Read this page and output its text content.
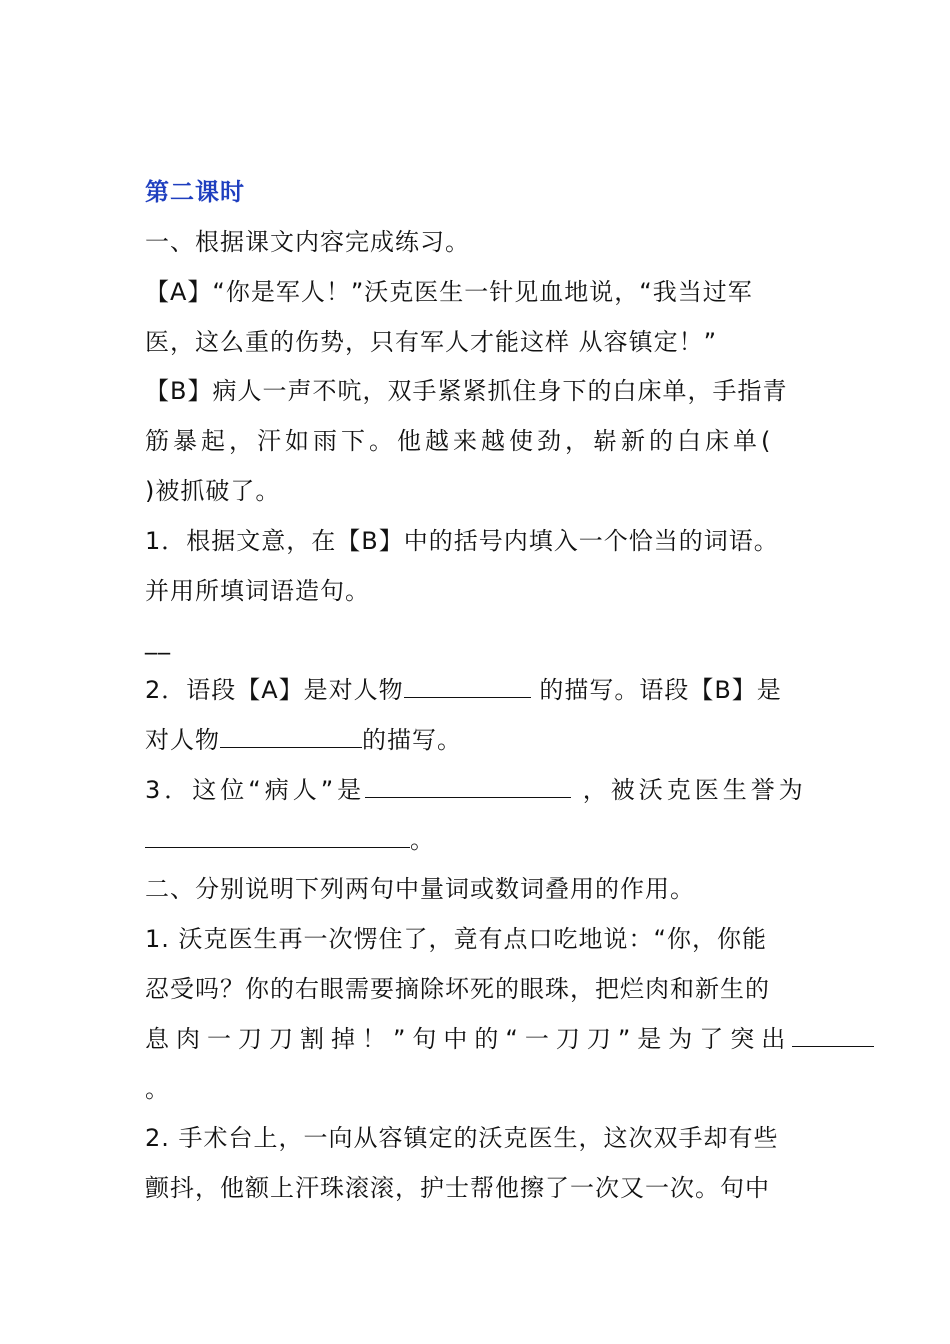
第二课时
一、根据课文内容完成练习。
【A】“你是军人！”沃克医生一针见血地说，“我当过军
医，这么重的伤势，只有军人才能这样 从容镇定！”
【B】病人一声不吭，双手紧紧抓住身下的白床单，手指青
筋暴起，汗如雨下。他越来越使劲，崭新的白床单(
)被抓破了。
1．根据文意，在【B】中的括号内填入一个恰当的词语。
并用所填词语造句。
__
2．语段【A】是对人物	的描写。语段【B】是
对人物	的描写。
3．这位“病人”是	，被沃克医生誉为
。
二、分别说明下列两句中量词或数词叠用的作用。
1. 沃克医生再一次愣住了，竟有点口吃地说：“你，你能
忍受吗？你的右眼需要摘除坏死的眼珠，把烂肉和新生的
息肉一刀刀割掉！”句中的“一刀刀”是为了突出
。
2. 手术台上，一向从容镇定的沃克医生，这次双手却有些
颤抖，他额上汗珠滚滚，护士帮他擦了一次又一次。句中
